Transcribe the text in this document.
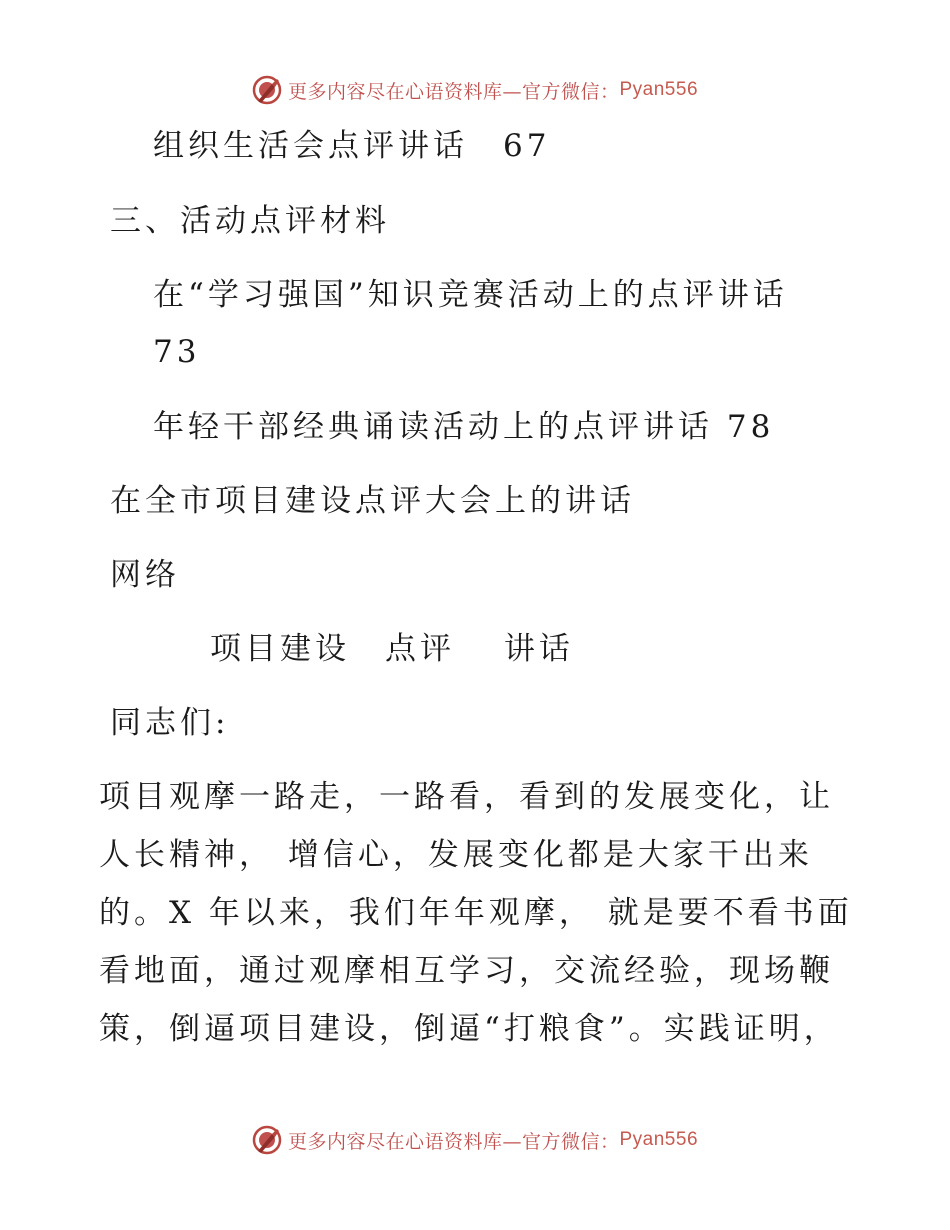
更多内容尽在心语资料库—官方微信： Pyan556
组织生活会点评讲话　67
三、活动点评材料
在“学习强国”知识竞赛活动上的点评讲话
73
年轻干部经典诵读活动上的点评讲话 78
在全市项目建设点评大会上的讲话
网络
项目建设　点评　 讲话
同志们:
项目观摩一路走，一路看，看到的发展变化，让
人长精神， 增信心，发展变化都是大家干出来
的。X 年以来，我们年年观摩， 就是要不看书面
看地面，通过观摩相互学习，交流经验，现场鞭
策，倒逼项目建设，倒逼“打粮食”。实践证明，
更多内容尽在心语资料库—官方微信： Pyan556
